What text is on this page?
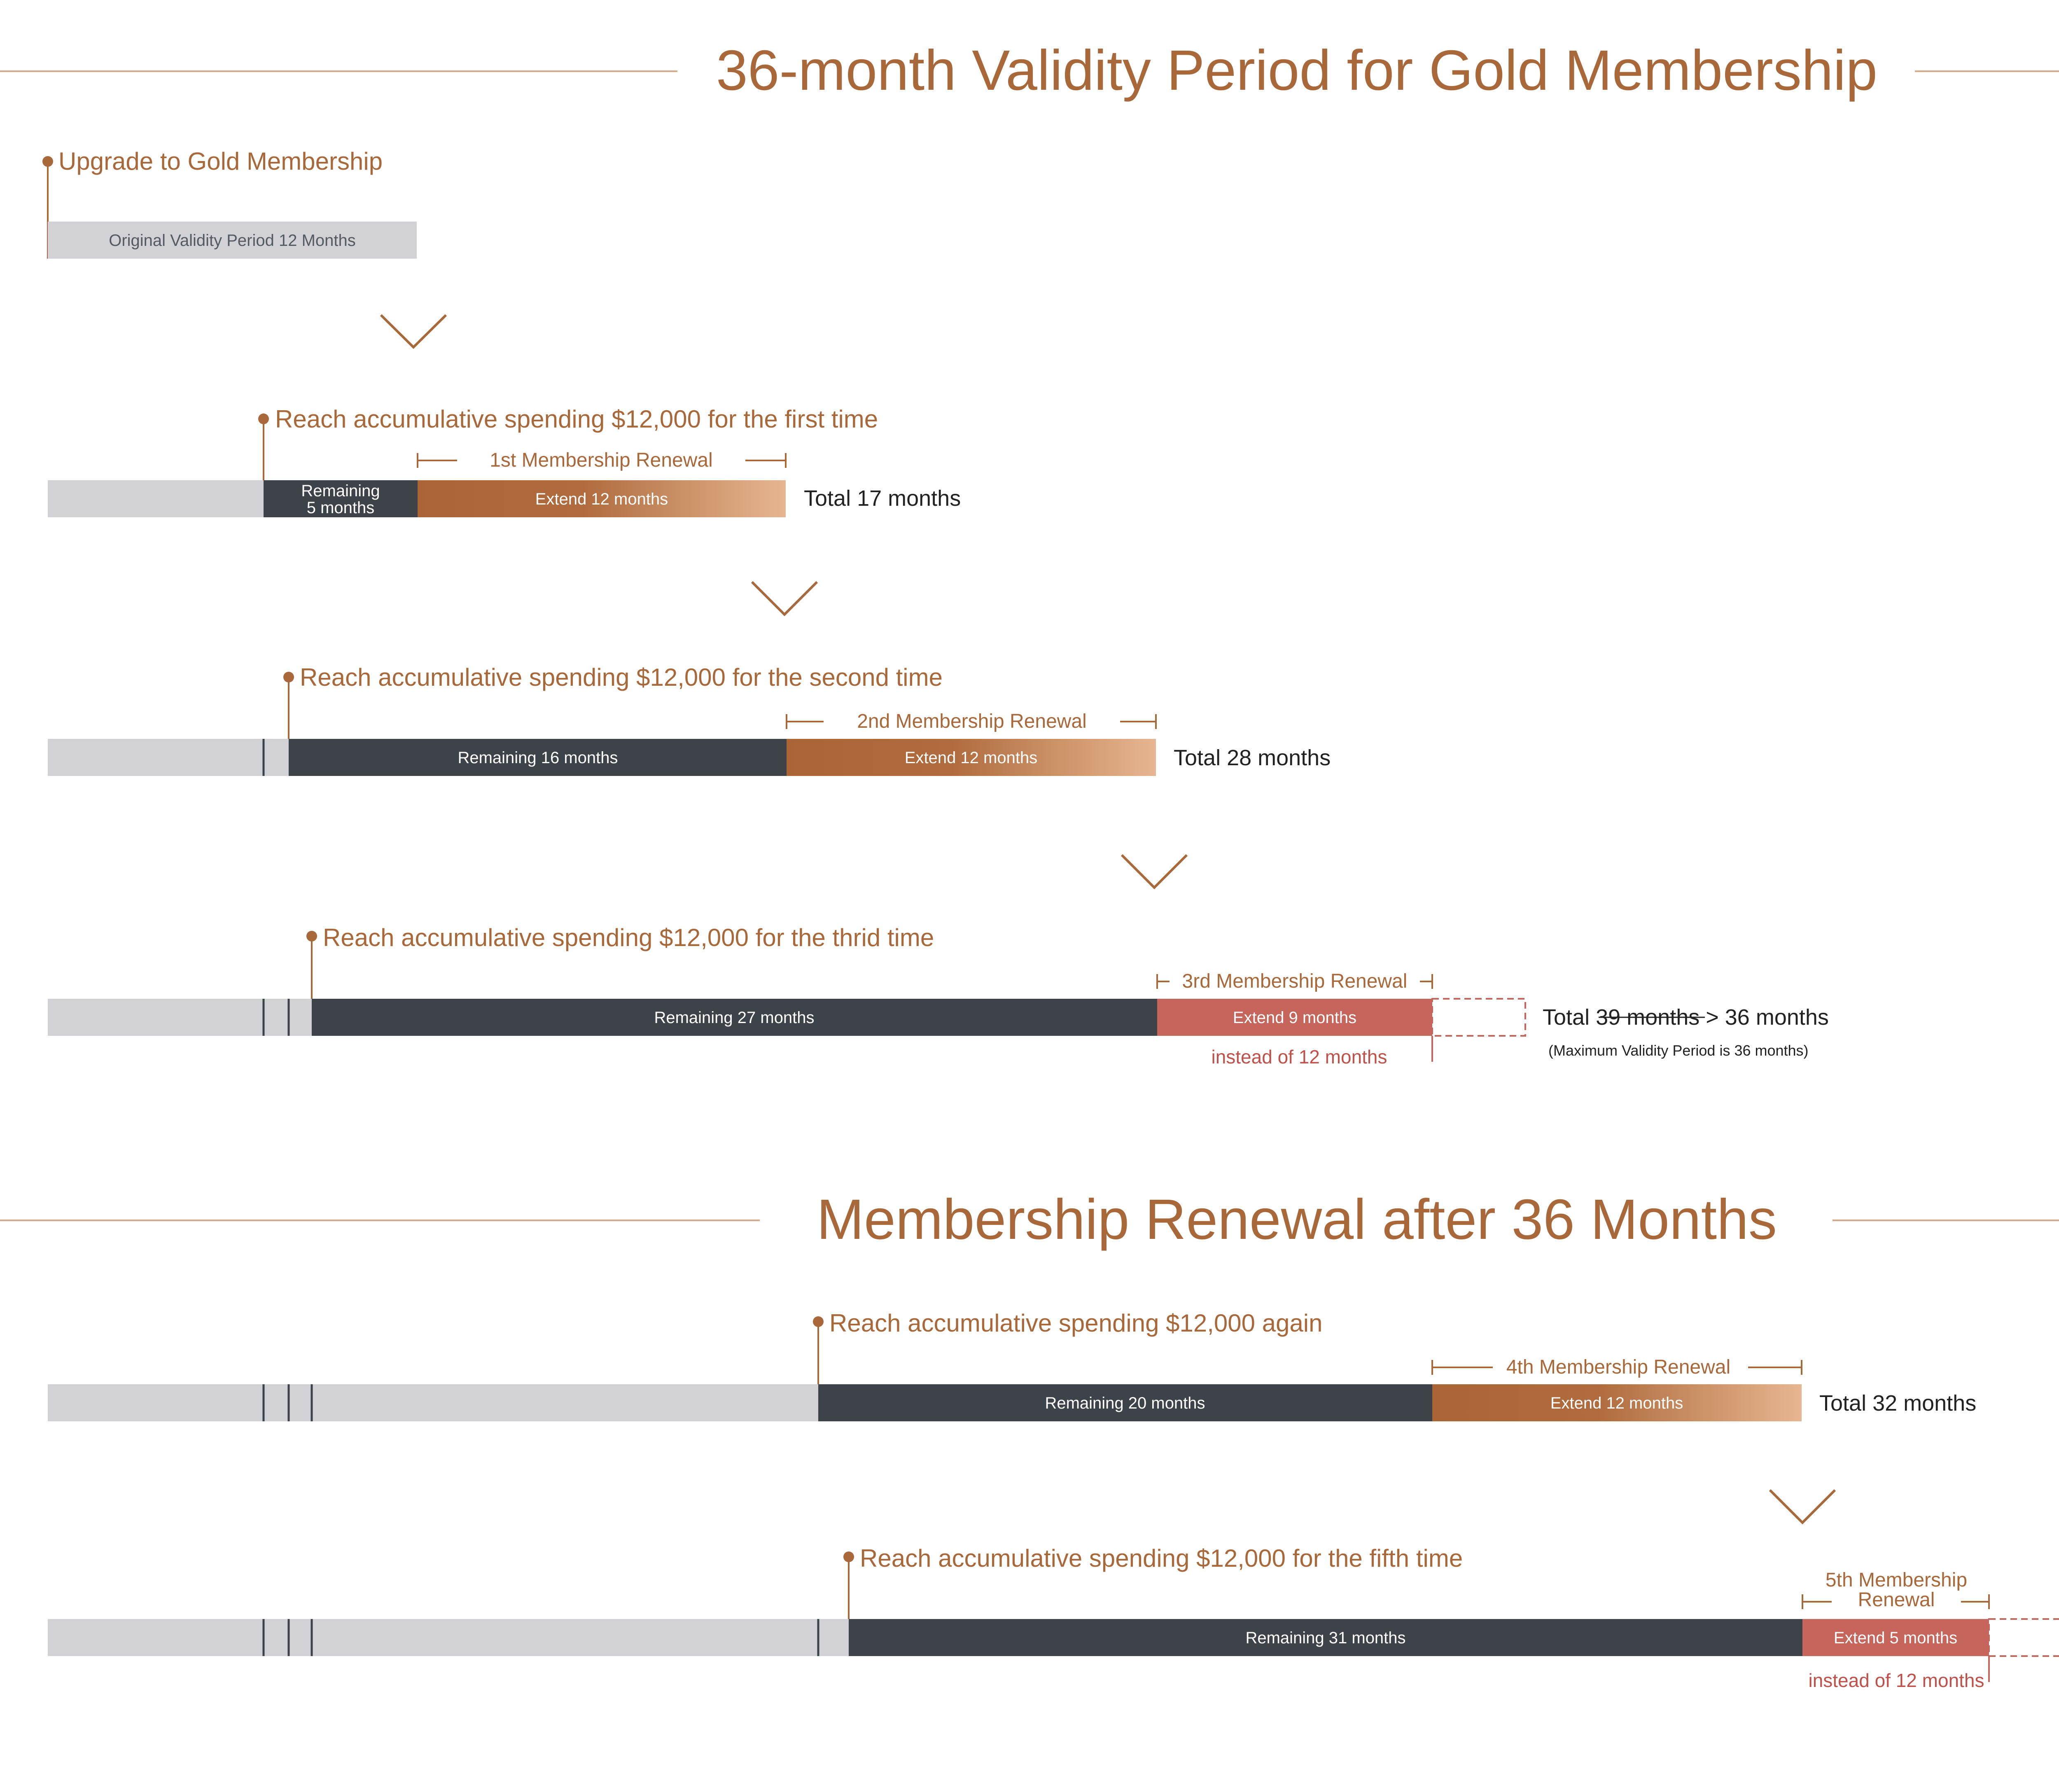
36-month Validity Period for Gold Membership
Upgrade to Gold Membership
Original Validity Period 12 Months
Reach accumulative spending $12,000 for the first time
1st Membership Renewal
Remaining
5 months	Extend 12 months	Total 17 months
Reach accumulative spending $12,000 for the second time
2nd Membership Renewal
Remaining 16 months	Extend 12 months	Total 28 months
Reach accumulative spending $12,000 for the thrid time
3rd Membership Renewal
Remaining 27 months	Extend 9 months
instead of 12 months
Total 39 months > 36 months
(Maximum Validity Period is 36 months)
Membership Renewal after 36 Months
Reach accumulative spending $12,000 again
4th Membership Renewal
Remaining 20 months	Extend 12 months	Total 32 months
Reach accumulative spending $12,000 for the fifth time
5th Membership
Renewal
Remaining 31 months	Extend 5 months
instead of 12 months
